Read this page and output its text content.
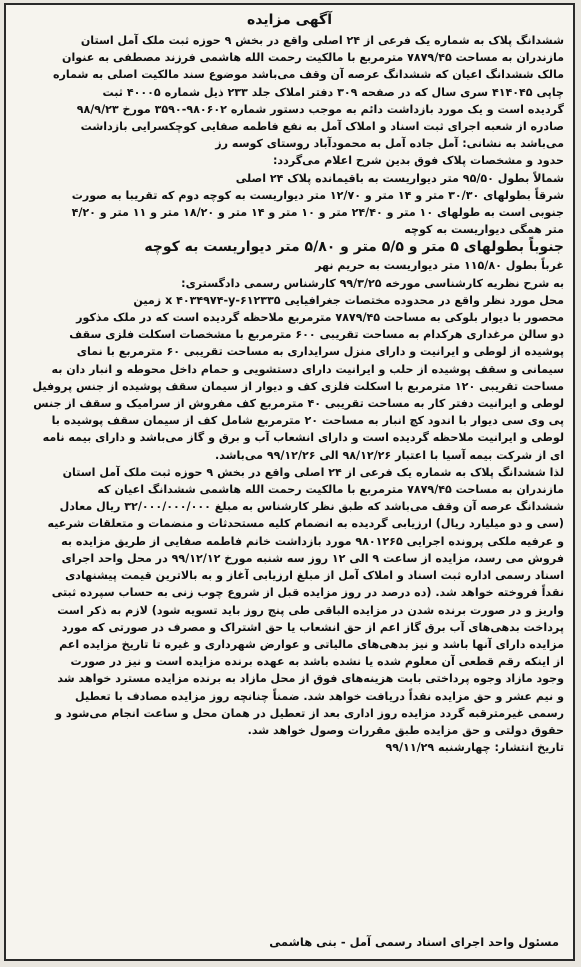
آگهی مزایده
ششدانگ پلاک به شماره یک فرعی از ۲۴ اصلی واقع در بخش ۹ حوزه ثبت ملک آمل استان
مازندران به مساحت ۷۸۷۹/۴۵ مترمربع با مالکیت رحمت الله هاشمی فرزند مصطفی به عنوان
مالک ششدانگ اعیان که ششدانگ عرصه آن وقف می‌باشد موضوع سند مالکیت اصلی به شماره
چاپی ۴۱۴۰۴۵ سری سال که در صفحه ۳۰۹ دفتر املاک جلد ۲۳۳ ذیل شماره ۴۰۰۰۵ ثبت
گردیده است و یک مورد بازداشت دائم به موجب دستور شماره ۹۸۰۶۰۲-۳۵۹۰ مورخ ۹۸/۹/۲۳
صادره از شعبه اجرای ثبت اسناد و املاک آمل به نفع فاطمه صفایی کوچکسرایی بازداشت
می‌باشد به نشانی: آمل جاده آمل به محمودآباد روستای کوسه رز
حدود و مشخصات پلاک فوق بدین شرح اعلام می‌گردد:
شمالاً بطول ۹۵/۵۰ متر دیواریست به باقیمانده پلاک ۲۴ اصلی
شرقاً بطولهای ۳۰/۳۰ متر و ۱۴ متر و ۱۲/۷۰ متر دیواریست به کوچه دوم که تقریبا به صورت
جنوبی است به طولهای ۱۰ متر و ۲۴/۴۰ متر و ۱۰ متر و ۱۴ متر و ۱۸/۲۰ متر و ۱۱ متر و ۴/۲۰
متر همگی دیواریست به کوچه
جنوباً بطولهای ۵ متر و ۵/۵ متر و ۵/۸۰ متر دیواریست به کوچه
غرباً بطول ۱۱۵/۸۰ متر دیواریست به حریم نهر
به شرح نظریه کارشناسی مورخه ۹۹/۳/۲۵ کارشناس رسمی دادگستری:
محل مورد نظر واقع در محدوده مختصات جغرافیایی ۶۱۲۳۳۵-x ۴۰۳۴۹۷۴-y زمین
محصور با دیوار بلوکی به مساحت ۷۸۷۹/۴۵ مترمربع ملاحظه گردیده است که در ملک مذکور
دو سالن مرغداری هرکدام به مساحت تقریبی ۶۰۰ مترمربع با مشخصات اسکلت فلزی سقف
پوشیده از لوطی و ایرانیت و دارای منزل سرایداری به مساحت تقریبی ۶۰ مترمربع با نمای
سیمانی و سقف پوشیده از حلب و ایرانیت دارای دستشویی و حمام داخل محوطه و انبار دان به
مساحت تقریبی ۱۲۰ مترمربع با اسکلت فلزی کف و دیوار از سیمان سقف پوشیده از جنس پروفیل
لوطی و ایرانیت دفتر کار به مساحت تقریبی ۴۰ مترمربع کف مفروش از سرامیک و سقف از جنس
پی وی سی دیوار با اندود کچ انبار به مساحت ۲۰ مترمربع شامل کف از سیمان سقف پوشیده با
لوطی و ایرانیت ملاحظه گردیده است و دارای انشعاب آب و برق و گاز می‌باشد و دارای بیمه نامه
ای از شرکت بیمه آسیا با اعتبار ۹۸/۱۲/۲۶ الی ۹۹/۱۲/۲۶ می‌باشد.
لذا ششدانگ پلاک به شماره یک فرعی از ۲۴ اصلی واقع در بخش ۹ حوزه ثبت ملک آمل استان
مازندران به مساحت ۷۸۷۹/۴۵ مترمربع با مالکیت رحمت الله هاشمی ششدانگ اعیان که
ششدانگ عرصه آن وقف می‌باشد که طبق نظر کارشناس به مبلغ ۳۲/۰۰۰/۰۰۰/۰۰۰ ریال معادل
(سی و دو میلیارد ریال) ارزیابی گردیده به انضمام کلیه مستحدثات و منضمات و متعلقات شرعیه
و عرفیه ملکی پرونده اجرایی ۹۸۰۱۲۶۵ مورد بازداشت خانم فاطمه صفایی از طریق مزایده به
فروش می رسد، مزایده از ساعت ۹ الی ۱۲ روز سه شنبه مورخ ۹۹/۱۲/۱۲ در محل واحد اجرای
اسناد رسمی اداره ثبت اسناد و املاک آمل از مبلغ ارزیابی آغاز و به بالاترین قیمت پیشنهادی
نقداً فروخته خواهد شد. (ده درصد در روز مزایده قبل از شروع چوب زنی به حساب سپرده ثبتی
واریز و در صورت برنده شدن در مزایده الباقی طی پنج روز باید تسویه شود) لازم به ذکر است
پرداخت بدهی‌های آب برق گاز اعم از حق انشعاب یا حق اشتراک و مصرف در صورتی که مورد
مزایده دارای آنها باشد و نیز بدهی‌های مالیاتی و عوارض شهرداری و غیره تا تاریخ مزایده اعم
از اینکه رقم قطعی آن معلوم شده یا نشده باشد به عهده برنده مزایده است و نیز در صورت
وجود مازاد وجوه پرداختی بابت هزینه‌های فوق از محل مازاد به برنده مزایده مسترد خواهد شد
و نیم عشر و حق مزایده نقداً دریافت خواهد شد. ضمناً چنانچه روز مزایده مصادف با تعطیل
رسمی غیرمترقبه گردد مزایده روز اداری بعد از تعطیل در همان محل و ساعت انجام می‌شود و
حقوق دولتی و حق مزایده طبق مقررات وصول خواهد شد.
تاریخ انتشار: چهارشنبه ۹۹/۱۱/۲۹
مسئول واحد اجرای اسناد رسمی آمل - بنی هاشمی
